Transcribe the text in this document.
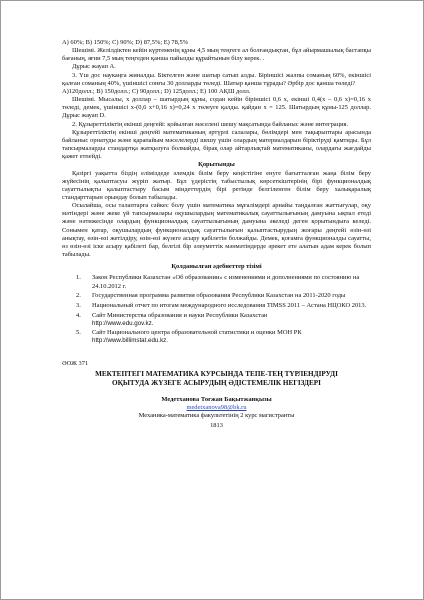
A) 60%; B) 150%; C) 90%; D) 87,5%; E) 78,5%

Шешімі. Желілдіктен кейін күртеменің құны 4,5 мың теңгеге ал болғандықтан, бұл айырмашылық бастапқы бағаның, яғни 7,5 мың теңгеден қанша пайызды құрайтынын білу керек. .

Дұрыс жауап А.

3. Үш дос наукаңга жиналды. Біктелген жәнe шатыр сатып алды. Біріншісі жалпы соманың 60%, екіншісі қалған соманың 40%, үшіншісі сонғы 30 долларды төледі. Шатыр қанша тұрады? Әрбір дос қанша төледі?

A)120долл.; B) 150долл.; C) 90долл.; D) 125долл.; E) 100 АҚШ долл.

Шешімі. Мысалы, х доллар – шатырдың құны, содан кейін біріншісі 0,6 х, екінші 0,4(х – 0,6 х)=0,16 х төледі, демек, үшіншісі х-(0,6 х+0,16 х)=0,24 х төлеуге қалды. қайдан х = 125. Шатырдың құны-125 доллар. Дұрыс жауап D.

2. Құзыреттіліктің екінші деңгейі: қойылған мәселені шешу мақсатында байланыс және интеграция.

Құзыреттіліктің екінші деңгейі математиканың әртүрлі салалары, бөлімдері мен тақырыптары арасында байланыс орнатуды және қарапайым мәселелерді шешу үшін олардың материалдарын біріктіруді қамтиды. Бұл тапсырмаларды стандартқа жатқызуға болмайды, бірақ олар айтарлықтай математиканы, олардағы жағдайды қажет етпейді.

Қорытынды

Қазіргі уақытта біздің еліміздеде әлемдік білім беру кеңістігіне енуге бағытталған жаңа білім беру жүйесінің қалыптасуы жүріп жатыр. Бұл үдерістің табыстылық көрсеткіштерінің бірі функционалдық сауаттылықты қалыптастыру басым міндеттердің бірі ретінде белгіленген білім беру халықаралық стандарттарын орындау болып табылады.

Осылайша, осы талаптарға сәйкес болу үшін математика мұғалімдері арнайы таңдалған жаттығулар, оқу мәтіндері және жеке үй тапсырмалары оқушылардың математикалық сауаттылығының дамуына ықпал етеді және нәтижесінде олардың функционалдық сауаттылығының дамуына әкеледі деген қорытындыға келеді. Сонымен қатар, оқушылардың функционалдық сауаттылығын қалыптастырудың жоғары деңгейі өзін-өзі анықтау, өзін-өзі жетілдіру, өзін-өзі жүзеге асыру қабілетін болжайды. Демек, қоғамға функционалды сауатты, өз өзін-өзі іске асыру қабілеті бар, белгілі бір әлеуметтік мәнмәтіндерде әрекет ете алатын адам керек болып табылады.

Қолданылған әдебиеттер тізімі

1. Закон Республики Казахстан «Об образовании» с изменениями и дополнениями по состоянию на 24.10.2012 г.
2. Государственная программа развития образования Республики Казахстан на 2011-2020 годы
3. Национальный отчет по итогам международного исследования TIMSS 2011 – Астана НЦОКО 2013.
4. Сайт Министерства образования и науки Республики Казахстан
http://www.edu.gov.kz.
5. Сайт Национального центра образовательной статистики и оценки МОН РК
http://www.billimstat.edu.kz.
ӘОЖ 371
МЕКТЕПТЕГІ МАТЕМАТИКА КУРСЫНДА ТЕПЕ-ТЕҢ ТҮРЛЕНДІРУДІ
ОҚЫТУДА ЖҮЗЕГЕ АСЫРУДЫҢ ӘДІСТЕМЕЛІК НЕГІЗДЕРІ
Медетханова Тоғжан Бақытжанқызы
medetxanova98@bk.ru
Механика-математика факультетінің 2 курс магистранты
1813
